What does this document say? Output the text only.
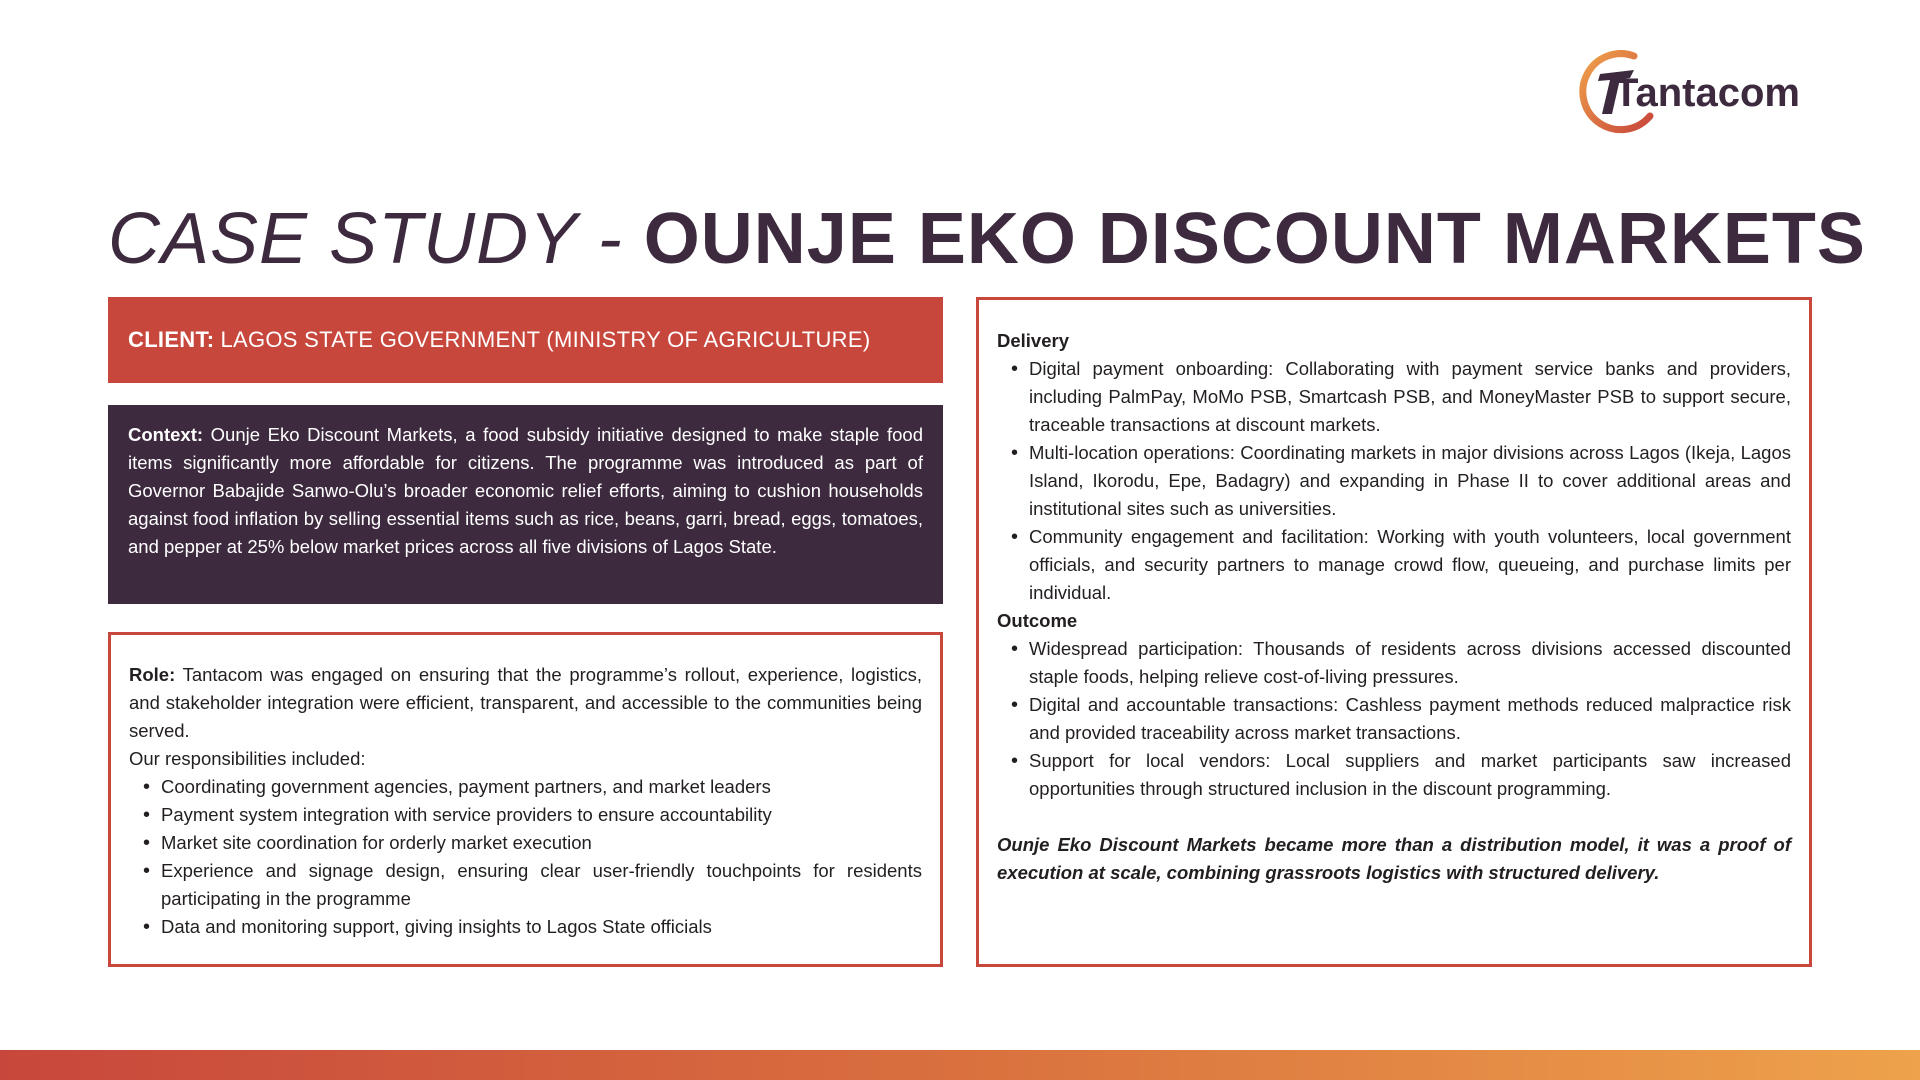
Tantacom
CASE STUDY - OUNJE EKO DISCOUNT MARKETS
CLIENT: LAGOS STATE GOVERNMENT (MINISTRY OF AGRICULTURE)
Context: Ounje Eko Discount Markets, a food subsidy initiative designed to make staple food items significantly more affordable for citizens. The programme was introduced as part of Governor Babajide Sanwo-Olu’s broader economic relief efforts, aiming to cushion households against food inflation by selling essential items such as rice, beans, garri, bread, eggs, tomatoes, and pepper at 25% below market prices across all five divisions of Lagos State.
Role: Tantacom was engaged on ensuring that the programme’s rollout, experience, logistics, and stakeholder integration were efficient, transparent, and accessible to the communities being served.
Our responsibilities included:
• Coordinating government agencies, payment partners, and market leaders
• Payment system integration with service providers to ensure accountability
• Market site coordination for orderly market execution
• Experience and signage design, ensuring clear user-friendly touchpoints for residents participating in the programme
• Data and monitoring support, giving insights to Lagos State officials
Delivery
• Digital payment onboarding: Collaborating with payment service banks and providers, including PalmPay, MoMo PSB, Smartcash PSB, and MoneyMaster PSB to support secure, traceable transactions at discount markets.
• Multi-location operations: Coordinating markets in major divisions across Lagos (Ikeja, Lagos Island, Ikorodu, Epe, Badagry) and expanding in Phase II to cover additional areas and institutional sites such as universities.
• Community engagement and facilitation: Working with youth volunteers, local government officials, and security partners to manage crowd flow, queueing, and purchase limits per individual.
Outcome
• Widespread participation: Thousands of residents across divisions accessed discounted staple foods, helping relieve cost-of-living pressures.
• Digital and accountable transactions: Cashless payment methods reduced malpractice risk and provided traceability across market transactions.
• Support for local vendors: Local suppliers and market participants saw increased opportunities through structured inclusion in the discount programming.
Ounje Eko Discount Markets became more than a distribution model, it was a proof of execution at scale, combining grassroots logistics with structured delivery.
